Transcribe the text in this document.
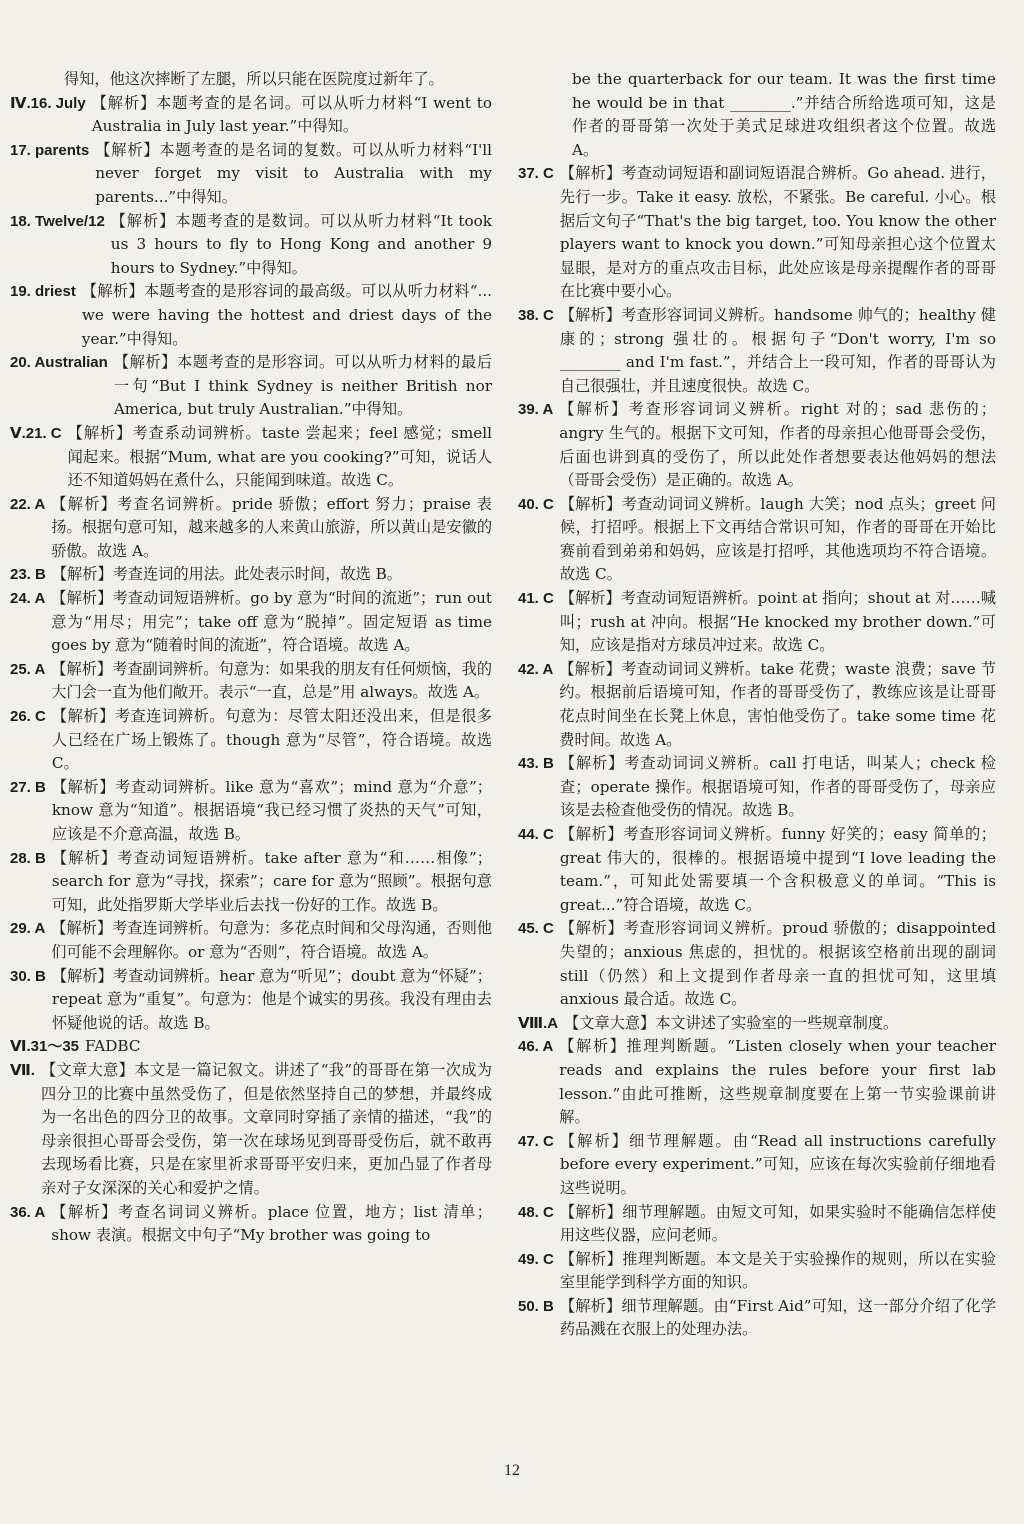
得知，他这次摔断了左腿，所以只能在医院度过新年了。
Ⅳ.16. July 【解析】本题考查的是名词。可以从听力材料“I went to Australia in July last year.”中得知。
17. parents 【解析】本题考查的是名词的复数。可以从听力材料“I'll never forget my visit to Australia with my parents...”中得知。
18. Twelve/12 【解析】本题考查的是数词。可以从听力材料“It took us 3 hours to fly to Hong Kong and another 9 hours to Sydney.”中得知。
19. driest 【解析】本题考查的是形容词的最高级。可以从听力材料“... we were having the hottest and driest days of the year.”中得知。
20. Australian 【解析】本题考查的是形容词。可以从听力材料的最后一句“But I think Sydney is neither British nor America, but truly Australian.”中得知。
Ⅴ.21. C 【解析】考查系动词辨析。taste 尝起来；feel 感觉；smell 闻起来。根据“Mum, what are you cooking?”可知，说话人还不知道妈妈在煮什么，只能闻到味道。故选 C。
22. A 【解析】考查名词辨析。pride 骄傲；effort 努力；praise 表扬。根据句意可知，越来越多的人来黄山旅游，所以黄山是安徽的骄傲。故选 A。
23. B 【解析】考查连词的用法。此处表示时间，故选 B。
24. A 【解析】考查动词短语辨析。go by 意为“时间的流逝”；run out 意为“用尽；用完”；take off 意为“脱掉”。固定短语 as time goes by 意为“随着时间的流逝”，符合语境。故选 A。
25. A 【解析】考查副词辨析。句意为：如果我的朋友有任何烦恼，我的大门会一直为他们敞开。表示“一直，总是”用 always。故选 A。
26. C 【解析】考查连词辨析。句意为：尽管太阳还没出来，但是很多人已经在广场上锻炼了。though 意为“尽管”，符合语境。故选 C。
27. B 【解析】考查动词辨析。like 意为“喜欢”；mind 意为“介意”；know 意为“知道”。根据语境“我已经习惯了炎热的天气”可知，应该是不介意高温，故选 B。
28. B 【解析】考查动词短语辨析。take after 意为“和……相像”；search for 意为“寻找，探索”；care for 意为“照顾”。根据句意可知，此处指罗斯大学毕业后去找一份好的工作。故选 B。
29. A 【解析】考查连词辨析。句意为：多花点时间和父母沟通，否则他们可能不会理解你。or 意为“否则”，符合语境。故选 A。
30. B 【解析】考查动词辨析。hear 意为“听见”；doubt 意为“怀疑”；repeat 意为“重复”。句意为：他是个诚实的男孩。我没有理由去怀疑他说的话。故选 B。
Ⅵ.31～35 FADBC
Ⅶ. 【文章大意】本文是一篇记叙文。讲述了“我”的哥哥在第一次成为四分卫的比赛中虽然受伤了，但是依然坚持自己的梦想，并最终成为一名出色的四分卫的故事。文章同时穿插了亲情的描述，“我”的母亲很担心哥哥会受伤，第一次在球场见到哥哥受伤后，就不敢再去现场看比赛，只是在家里祈求哥哥平安归来，更加凸显了作者母亲对子女深深的关心和爱护之情。
36. A 【解析】考查名词词义辨析。place 位置，地方；list 清单；show 表演。根据文中句子“My brother was going to
be the quarterback for our team. It was the first time he would be in that ________.”并结合所给选项可知，这是作者的哥哥第一次处于美式足球进攻组织者这个位置。故选 A。
37. C 【解析】考查动词短语和副词短语混合辨析。Go ahead. 进行，先行一步。Take it easy. 放松，不紧张。Be careful. 小心。根据后文句子“That's the big target, too. You know the other players want to knock you down.”可知母亲担心这个位置太显眼，是对方的重点攻击目标，此处应该是母亲提醒作者的哥哥在比赛中要小心。
38. C 【解析】考查形容词词义辨析。handsome 帅气的；healthy 健康的；strong 强壮的。根据句子“Don't worry, I'm so ________ and I'm fast.”，并结合上一段可知，作者的哥哥认为自己很强壮，并且速度很快。故选 C。
39. A 【解析】考查形容词词义辨析。right 对的；sad 悲伤的；angry 生气的。根据下文可知，作者的母亲担心他哥哥会受伤，后面也讲到真的受伤了，所以此处作者想要表达他妈妈的想法（哥哥会受伤）是正确的。故选 A。
40. C 【解析】考查动词词义辨析。laugh 大笑；nod 点头；greet 问候，打招呼。根据上下文再结合常识可知，作者的哥哥在开始比赛前看到弟弟和妈妈，应该是打招呼，其他选项均不符合语境。故选 C。
41. C 【解析】考查动词短语辨析。point at 指向；shout at 对……喊叫；rush at 冲向。根据“He knocked my brother down.”可知，应该是指对方球员冲过来。故选 C。
42. A 【解析】考查动词词义辨析。take 花费；waste 浪费；save 节约。根据前后语境可知，作者的哥哥受伤了，教练应该是让哥哥花点时间坐在长凳上休息，害怕他受伤了。take some time 花费时间。故选 A。
43. B 【解析】考查动词词义辨析。call 打电话，叫某人；check 检查；operate 操作。根据语境可知，作者的哥哥受伤了，母亲应该是去检查他受伤的情况。故选 B。
44. C 【解析】考查形容词词义辨析。funny 好笑的；easy 简单的；great 伟大的，很棒的。根据语境中提到“I love leading the team.”，可知此处需要填一个含积极意义的单词。“This is great...”符合语境，故选 C。
45. C 【解析】考查形容词词义辨析。proud 骄傲的；disappointed 失望的；anxious 焦虑的，担忧的。根据该空格前出现的副词 still（仍然）和上文提到作者母亲一直的担忧可知，这里填 anxious 最合适。故选 C。
Ⅷ.A 【文章大意】本文讲述了实验室的一些规章制度。
46. A 【解析】推理判断题。“Listen closely when your teacher reads and explains the rules before your first lab lesson.”由此可推断，这些规章制度要在上第一节实验课前讲解。
47. C 【解析】细节理解题。由“Read all instructions carefully before every experiment.”可知，应该在每次实验前仔细地看这些说明。
48. C 【解析】细节理解题。由短文可知，如果实验时不能确信怎样使用这些仪器，应问老师。
49. C 【解析】推理判断题。本文是关于实验操作的规则，所以在实验室里能学到科学方面的知识。
50. B 【解析】细节理解题。由“First Aid”可知，这一部分介绍了化学药品溅在衣服上的处理办法。
12
